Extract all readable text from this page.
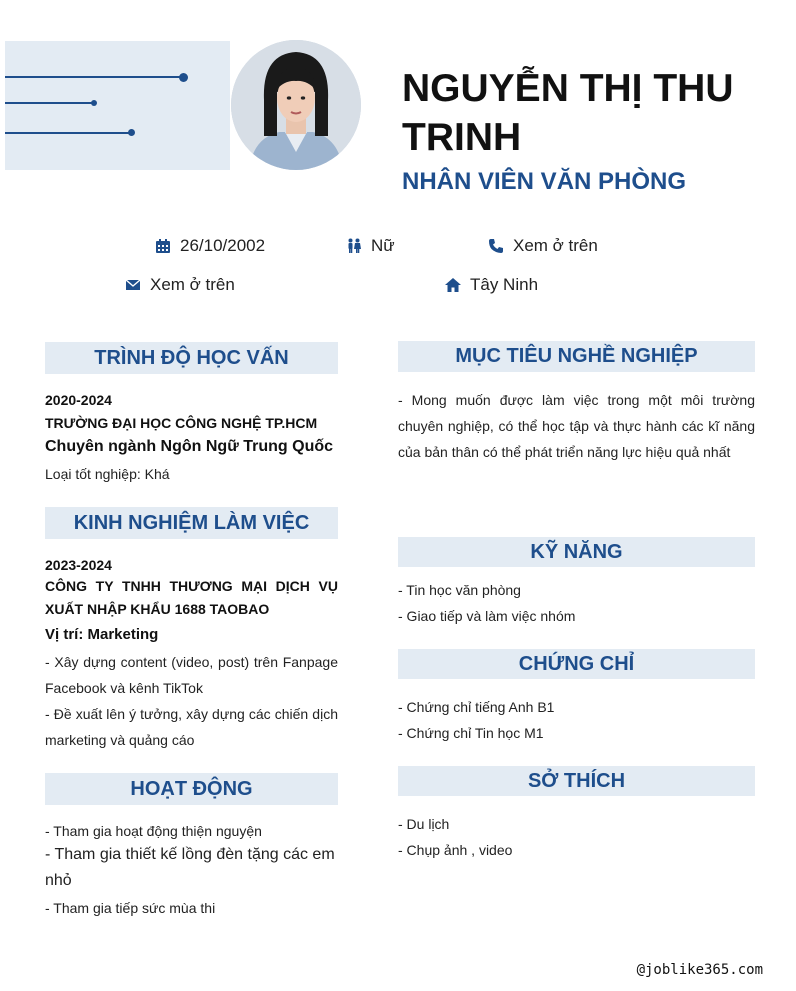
NGUYỄN THỊ THU TRINH
NHÂN VIÊN VĂN PHÒNG
26/10/2002	Nữ	Xem ở trên
Xem ở trên	Tây Ninh
TRÌNH ĐỘ HỌC VẤN
2020-2024
TRƯỜNG ĐẠI HỌC CÔNG NGHỆ TP.HCM
Chuyên ngành Ngôn Ngữ Trung Quốc
Loại tốt nghiệp: Khá
KINH NGHIỆM LÀM VIỆC
2023-2024
CÔNG TY TNHH THƯƠNG MẠI DỊCH VỤ XUẤT NHẬP KHẨU 1688 TAOBAO
Vị trí: Marketing
- Xây dựng content (video, post) trên Fanpage Facebook và kênh TikTok
- Đề xuất lên ý tưởng, xây dựng các chiến dịch marketing và quảng cáo
HOẠT ĐỘNG
- Tham gia hoạt động thiện nguyện
- Tham gia thiết kế lồng đèn tặng các em nhỏ
- Tham gia tiếp sức mùa thi
MỤC TIÊU NGHỀ NGHIỆP
- Mong muốn được làm việc trong một môi trường chuyên nghiệp, có thể học tập và thực hành các kĩ năng của bản thân có thể phát triển năng lực hiệu quả nhất
KỸ NĂNG
- Tin học văn phòng
- Giao tiếp và làm việc nhóm
CHỨNG CHỈ
- Chứng chỉ tiếng Anh B1
- Chứng chỉ Tin học M1
SỞ THÍCH
- Du lịch
- Chụp ảnh , video
@joblike365.com
